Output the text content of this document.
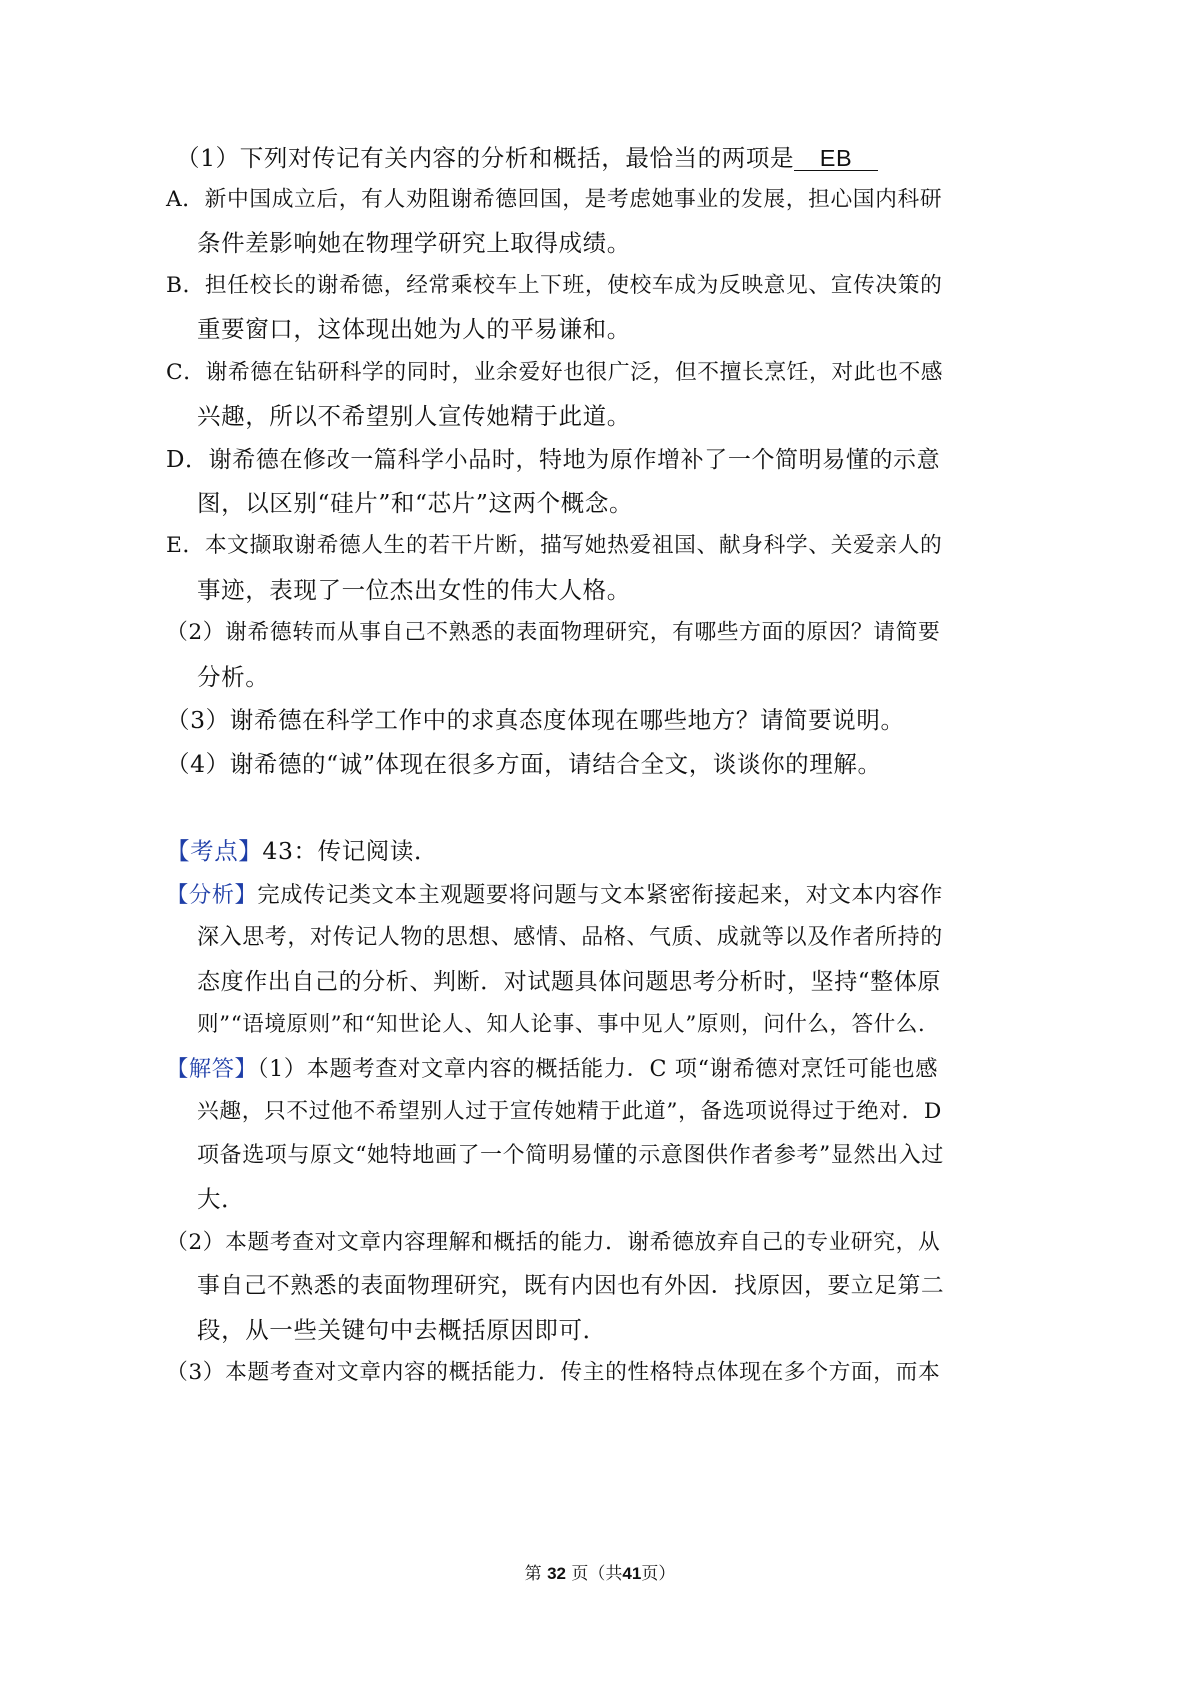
（1）下列对传记有关内容的分析和概括，最恰当的两项是 EB
A．新中国成立后，有人劝阻谢希德回国，是考虑她事业的发展，担心国内科研
条件差影响她在物理学研究上取得成绩。
B．担任校长的谢希德，经常乘校车上下班，使校车成为反映意见、宣传决策的
重要窗口，这体现出她为人的平易谦和。
C．谢希德在钻研科学的同时，业余爱好也很广泛，但不擅长烹饪，对此也不感
兴趣，所以不希望别人宣传她精于此道。
D．谢希德在修改一篇科学小品时，特地为原作增补了一个简明易懂的示意
图，以区别“硅片”和“芯片”这两个概念。
E．本文撷取谢希德人生的若干片断，描写她热爱祖国、献身科学、关爱亲人的
事迹，表现了一位杰出女性的伟大人格。
（2）谢希德转而从事自己不熟悉的表面物理研究，有哪些方面的原因？请简要
分析。
（3）谢希德在科学工作中的求真态度体现在哪些地方？请简要说明。
（4）谢希德的“诚”体现在很多方面，请结合全文，谈谈你的理解。
【考点】43：传记阅读．
【分析】完成传记类文本主观题要将问题与文本紧密衔接起来，对文本内容作
深入思考，对传记人物的思想、感情、品格、气质、成就等以及作者所持的
态度作出自己的分析、判断．对试题具体问题思考分析时，坚持“整体原
则”“语境原则”和“知世论人、知人论事、事中见人”原则，问什么，答什么．
【解答】（1）本题考查对文章内容的概括能力．C 项“谢希德对烹饪可能也感
兴趣，只不过他不希望别人过于宣传她精于此道”，备选项说得过于绝对．D
项备选项与原文“她特地画了一个简明易懂的示意图供作者参考”显然出入过
大．
（2）本题考查对文章内容理解和概括的能力．谢希德放弃自己的专业研究，从
事自己不熟悉的表面物理研究，既有内因也有外因．找原因，要立足第二
段，从一些关键句中去概括原因即可．
（3）本题考查对文章内容的概括能力．传主的性格特点体现在多个方面，而本
第 32 页（共41页）
